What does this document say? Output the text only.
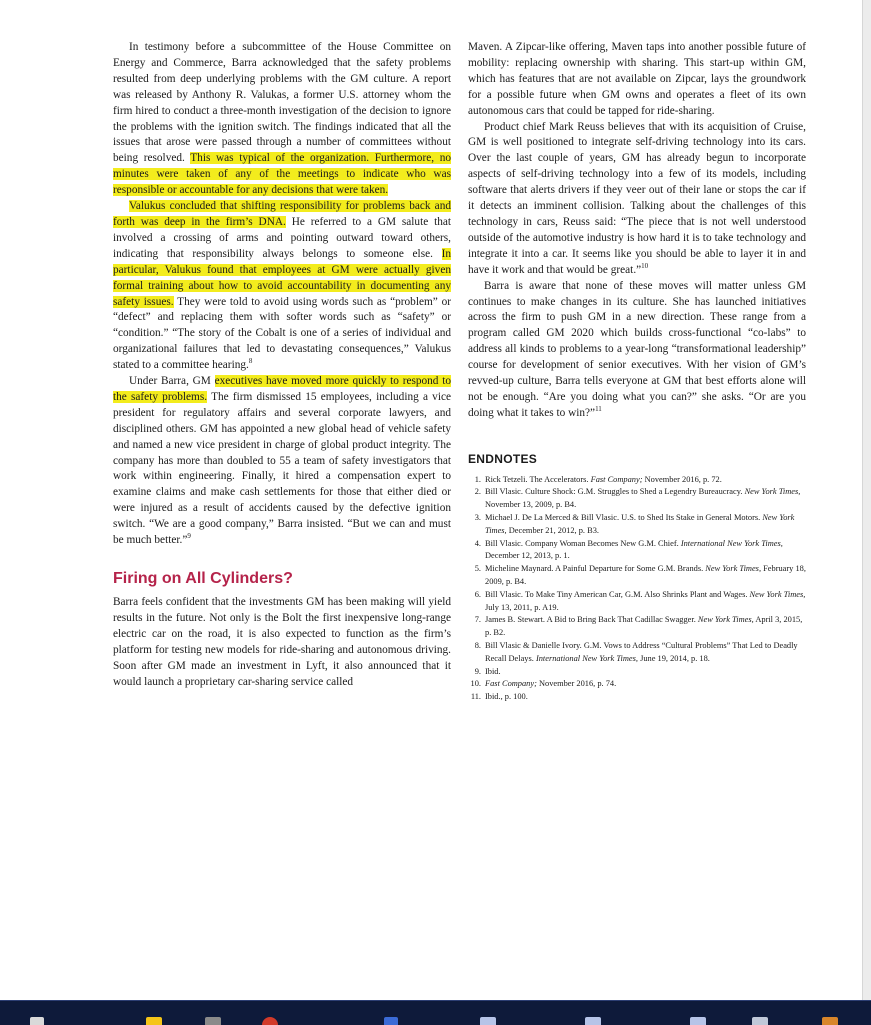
In testimony before a subcommittee of the House Committee on Energy and Commerce, Barra acknowledged that the safety problems resulted from deep underlying problems with the GM culture. A report was released by Anthony R. Valukas, a former U.S. attorney whom the firm hired to conduct a three-month investigation of the decision to ignore the problems with the ignition switch. The findings indicated that all the issues that arose were passed through a number of committees without being resolved. This was typical of the organization. Furthermore, no minutes were taken of any of the meetings to indicate who was responsible or accountable for any decisions that were taken.

Valukus concluded that shifting responsibility for problems back and forth was deep in the firm’s DNA. He referred to a GM salute that involved a crossing of arms and pointing outward toward others, indicating that responsibility always belongs to someone else. In particular, Valukus found that employees at GM were actually given formal training about how to avoid accountability in documenting any safety issues. They were told to avoid using words such as “problem” or “defect” and replacing them with softer words such as “safety” or “condition.” “The story of the Cobalt is one of a series of individual and organizational failures that led to devastating consequences,” Valukus stated to a committee hearing.$^8$

Under Barra, GM executives have moved more quickly to respond to the safety problems. The firm dismissed 15 employees, including a vice president for regulatory affairs and several corporate lawyers, and disciplined others. GM has appointed a new global head of vehicle safety and named a new vice president in charge of global product integrity. The company has more than doubled to 55 a team of safety investigators that work within engineering. Finally, it hired a compensation expert to examine claims and make cash settlements for those that either died or were injured as a result of accidents caused by the defective ignition switch. “We are a good company,” Barra insisted. “But we can and must be much better.”$^9$

Firing on All Cylinders?

Barra feels confident that the investments GM has been making will yield results in the future. Not only is the Bolt the first inexpensive long-range electric car on the road, it is also expected to function as the firm’s platform for testing new models for ride-sharing and autonomous driving. Soon after GM made an investment in Lyft, it also announced that it would launch a proprietary car-sharing service called

Maven. A Zipcar-like offering, Maven taps into another possible future of mobility: replacing ownership with sharing. This start-up within GM, which has features that are not available on Zipcar, lays the groundwork for a possible future when GM owns and operates a fleet of its own autonomous cars that could be tapped for ride-sharing.

Product chief Mark Reuss believes that with its acquisition of Cruise, GM is well positioned to integrate self-driving technology into its cars. Over the last couple of years, GM has already begun to incorporate aspects of self-driving technology into a few of its models, including software that alerts drivers if they veer out of their lane or stops the car if it detects an imminent collision. Talking about the challenges of this technology in cars, Reuss said: “The piece that is not well understood outside of the automotive industry is how hard it is to take technology and integrate it into a car. It seems like you should be able to layer it in and have it work and that would be great.”$^{10}$

Barra is aware that none of these moves will matter unless GM continues to make changes in its culture. She has launched initiatives across the firm to push GM in a new direction. These range from a program called GM 2020 which builds cross-functional “co-labs” to address all kinds to problems to a year-long “transformational leadership” course for development of senior executives. With her vision of GM’s revved-up culture, Barra tells everyone at GM that best efforts alone will not be enough. “Are you doing what you can?” she asks. “Or are you doing what it takes to win?”$^{11}$

ENDNOTES
1. Rick Tetzeli. The Accelerators. Fast Company; November 2016, p. 72.
2. Bill Vlasic. Culture Shock: G.M. Struggles to Shed a Legendry Bureaucracy. New York Times, November 13, 2009, p. B4.
3. Michael J. De La Merced & Bill Vlasic. U.S. to Shed Its Stake in General Motors. New York Times, December 21, 2012, p. B3.
4. Bill Vlasic. Company Woman Becomes New G.M. Chief. International New York Times, December 12, 2013, p. 1.
5. Micheline Maynard. A Painful Departure for Some G.M. Brands. New York Times, February 18, 2009, p. B4.
6. Bill Vlasic. To Make Tiny American Car, G.M. Also Shrinks Plant and Wages. New York Times, July 13, 2011, p. A19.
7. James B. Stewart. A Bid to Bring Back That Cadillac Swagger. New York Times, April 3, 2015, p. B2.
8. Bill Vlasic & Danielle Ivory. G.M. Vows to Address “Cultural Problems” That Led to Deadly Recall Delays. International New York Times, June 19, 2014, p. 18.
9. Ibid.
10. Fast Company; November 2016, p. 74.
11. Ibid., p. 100.
